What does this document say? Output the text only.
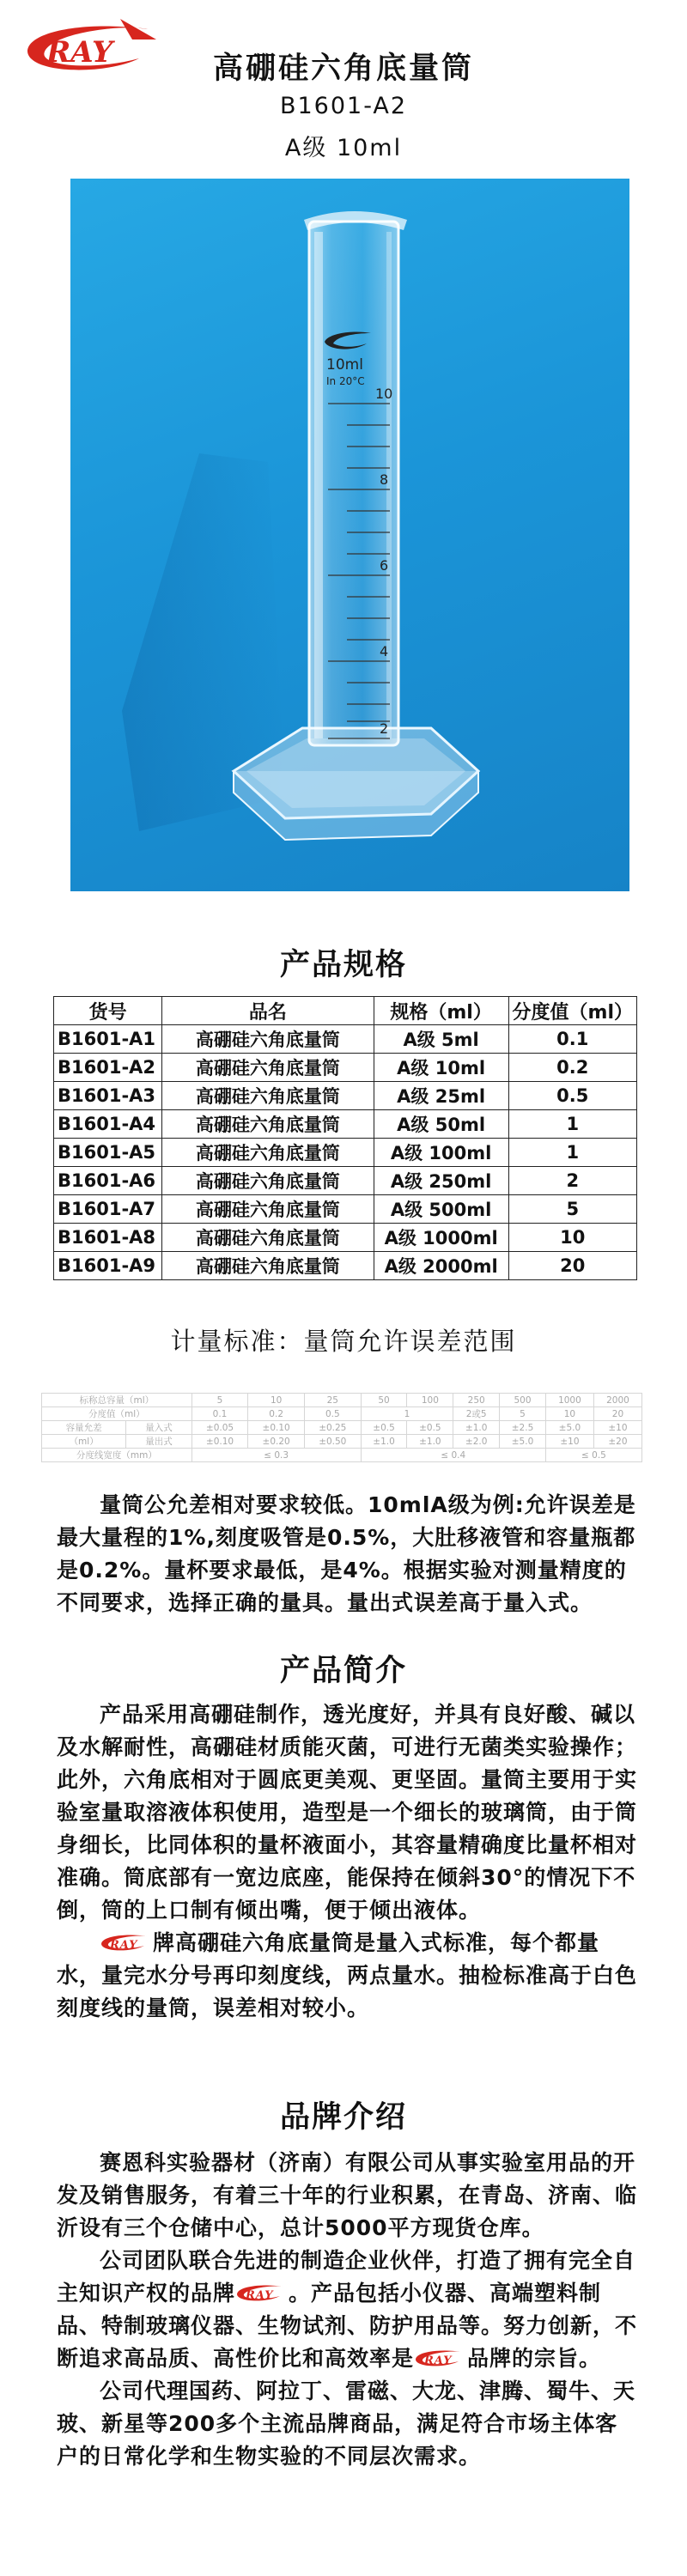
RAY	高硼硅六角底量筒
B1601-A2
A级 10ml
10ml
In 20°C
10
8
6
4
2
产品规格
货号	品名	规格（ml）	分度值（ml）
B1601-A1	高硼硅六角底量筒	A级 5ml	0.1
B1601-A2	高硼硅六角底量筒	A级 10ml	0.2
B1601-A3	高硼硅六角底量筒	A级 25ml	0.5
B1601-A4	高硼硅六角底量筒	A级 50ml	1
B1601-A5	高硼硅六角底量筒	A级 100ml	1
B1601-A6	高硼硅六角底量筒	A级 250ml	2
B1601-A7	高硼硅六角底量筒	A级 500ml	5
B1601-A8	高硼硅六角底量筒	A级 1000ml	10
B1601-A9	高硼硅六角底量筒	A级 2000ml	20
计量标准：量筒允许误差范围
标称总容量（ml）		5	10	25	50	100	250	500	1000	2000
分度值（ml）		0.1	0.2	0.5	1		2或5	5	10	20
容量允差	量入式	±0.05	±0.10	±0.25	±0.5	±0.5	±1.0	±2.5	±5.0	±10
（ml）	量出式	±0.10	±0.20	±0.50	±1.0	±1.0	±2.0	±5.0	±10	±20
分度线宽度（mm）		≤ 0.3			≤ 0.4				≤ 0.5	

量筒公允差相对要求较低。10mlA级为例:允许误差是最大量程的1%,刻度吸管是0.5%，大肚移液管和容量瓶都是0.2%。量杯要求最低，是4%。根据实验对测量精度的不同要求，选择正确的量具。量出式误差高于量入式。

产品简介

产品采用高硼硅制作，透光度好，并具有良好酸、碱以及水解耐性，高硼硅材质能灭菌，可进行无菌类实验操作；此外，六角底相对于圆底更美观、更坚固。量筒主要用于实验室量取溶液体积使用，造型是一个细长的玻璃筒，由于筒身细长，比同体积的量杯液面小，其容量精确度比量杯相对准确。筒底部有一宽边底座，能保持在倾斜30°的情况下不倒，筒的上口制有倾出嘴，便于倾出液体。

RAY 牌高硼硅六角底量筒是量入式标准，每个都量水，量完水分号再印刻度线，两点量水。抽检标准高于白色刻度线的量筒，误差相对较小。

品牌介绍

赛恩科实验器材（济南）有限公司从事实验室用品的开发及销售服务，有着三十年的行业积累，在青岛、济南、临沂设有三个仓储中心，总计5000平方现货仓库。

公司团队联合先进的制造企业伙伴，打造了拥有完全自主知识产权的品牌 RAY 。产品包括小仪器、高端塑料制品、特制玻璃仪器、生物试剂、防护用品等。努力创新，不断追求高品质、高性价比和高效率是 RAY 品牌的宗旨。

公司代理国药、阿拉丁、雷磁、大龙、津腾、蜀牛、天玻、新星等200多个主流品牌商品，满足符合市场主体客户的日常化学和生物实验的不同层次需求。
